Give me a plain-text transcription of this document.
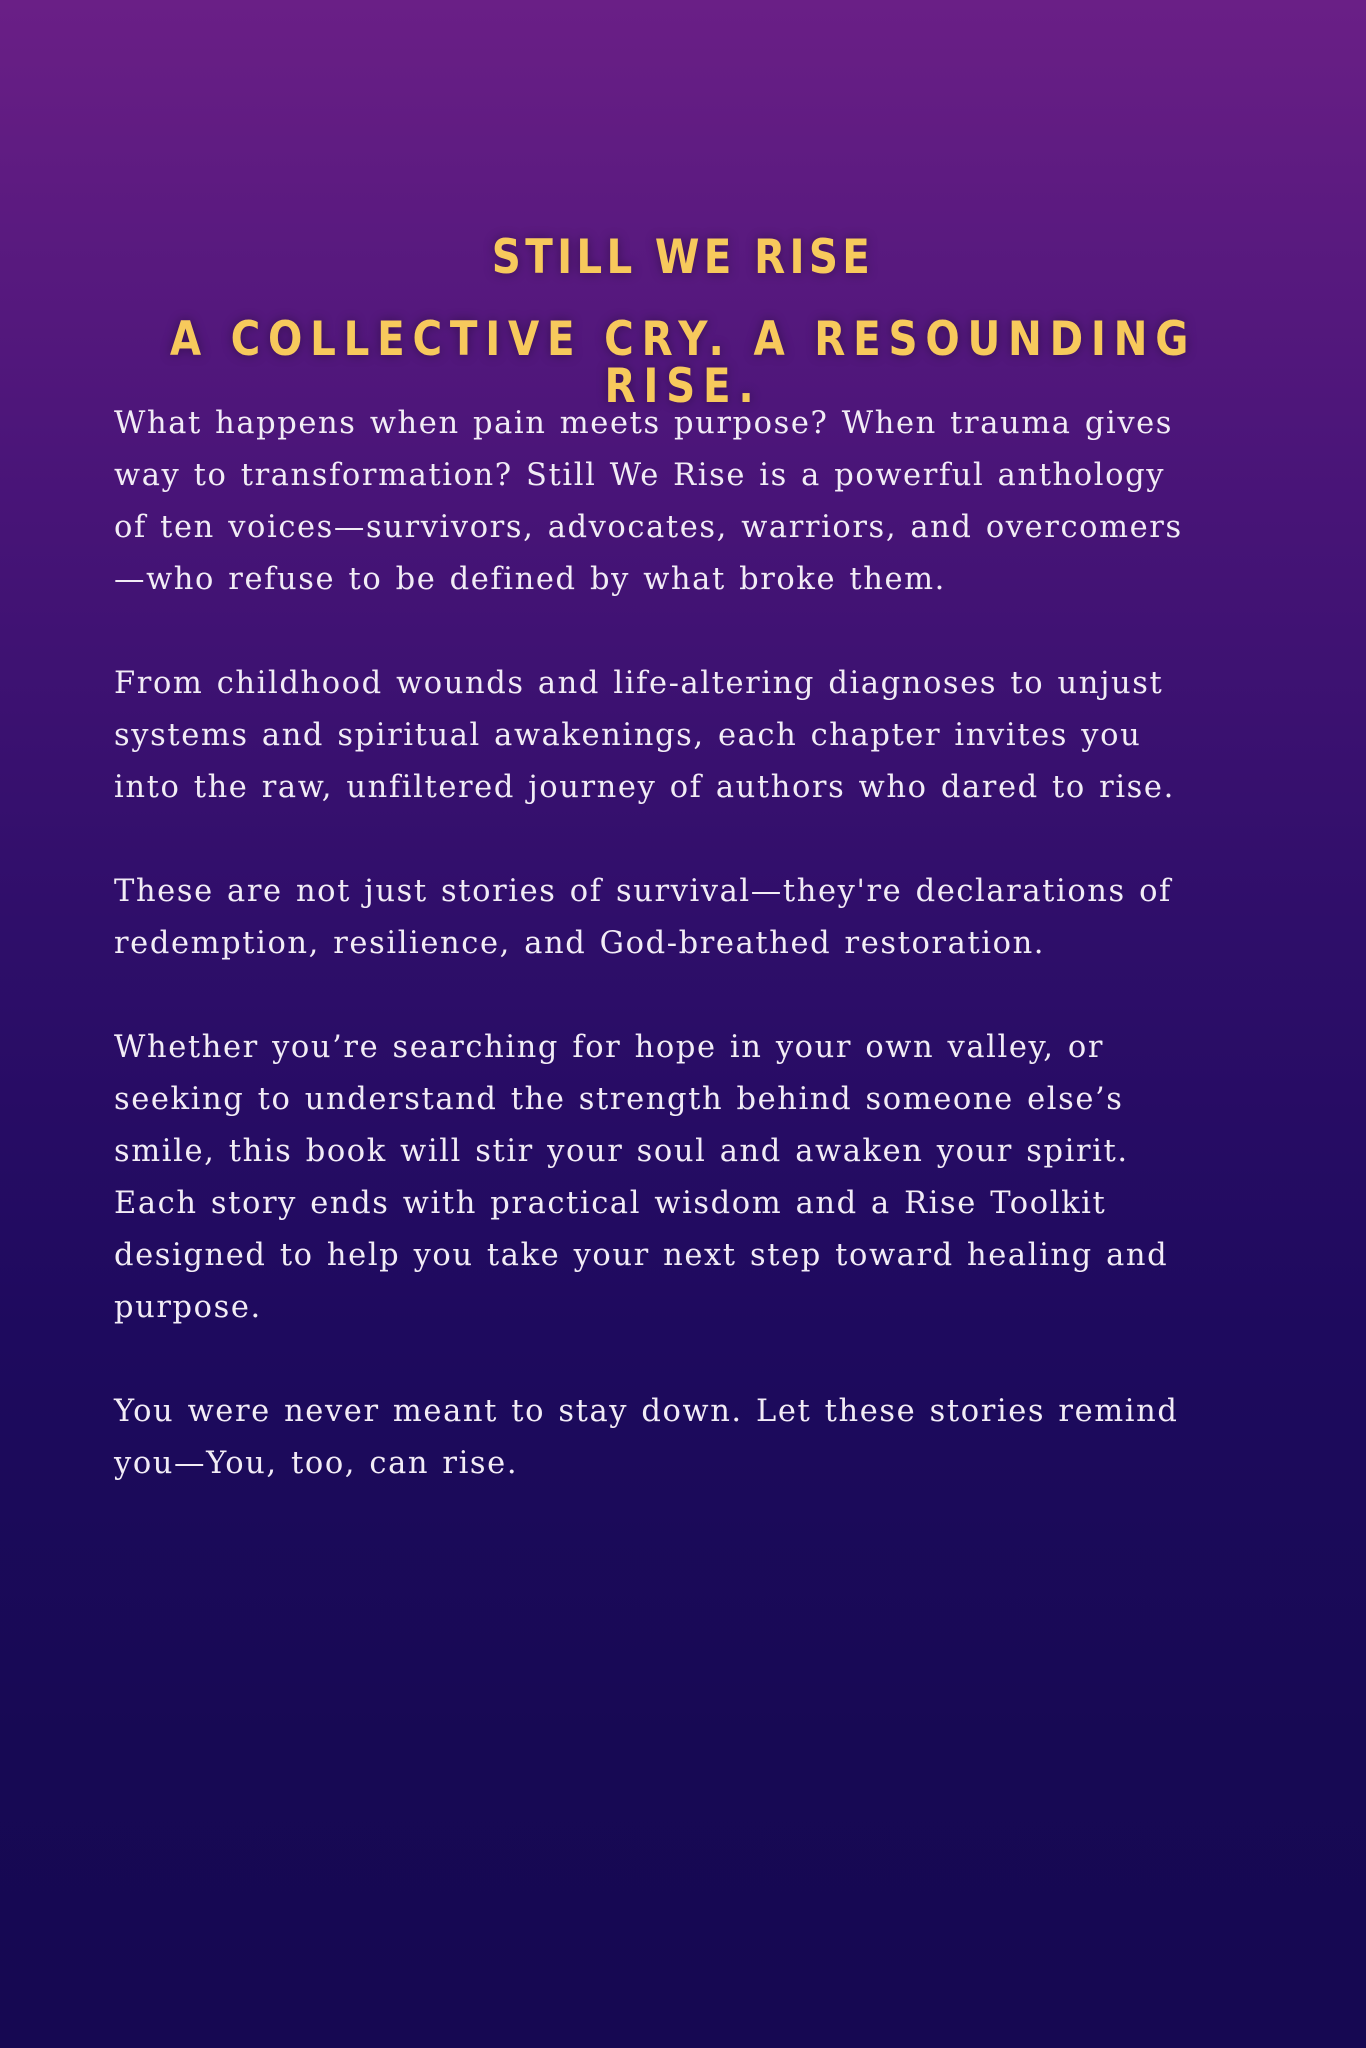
STILL WE RISE
A COLLECTIVE CRY. A RESOUNDING RISE.

What happens when pain meets purpose? When trauma gives
way to transformation? Still We Rise is a powerful anthology
of ten voices—survivors, advocates, warriors, and overcomers
—who refuse to be defined by what broke them.

From childhood wounds and life-altering diagnoses to unjust
systems and spiritual awakenings, each chapter invites you
into the raw, unfiltered journey of authors who dared to rise.

These are not just stories of survival—they're declarations of
redemption, resilience, and God-breathed restoration.

Whether you’re searching for hope in your own valley, or
seeking to understand the strength behind someone else’s
smile, this book will stir your soul and awaken your spirit.
Each story ends with practical wisdom and a Rise Toolkit
designed to help you take your next step toward healing and
purpose.

You were never meant to stay down. Let these stories remind
you—You, too, can rise.
